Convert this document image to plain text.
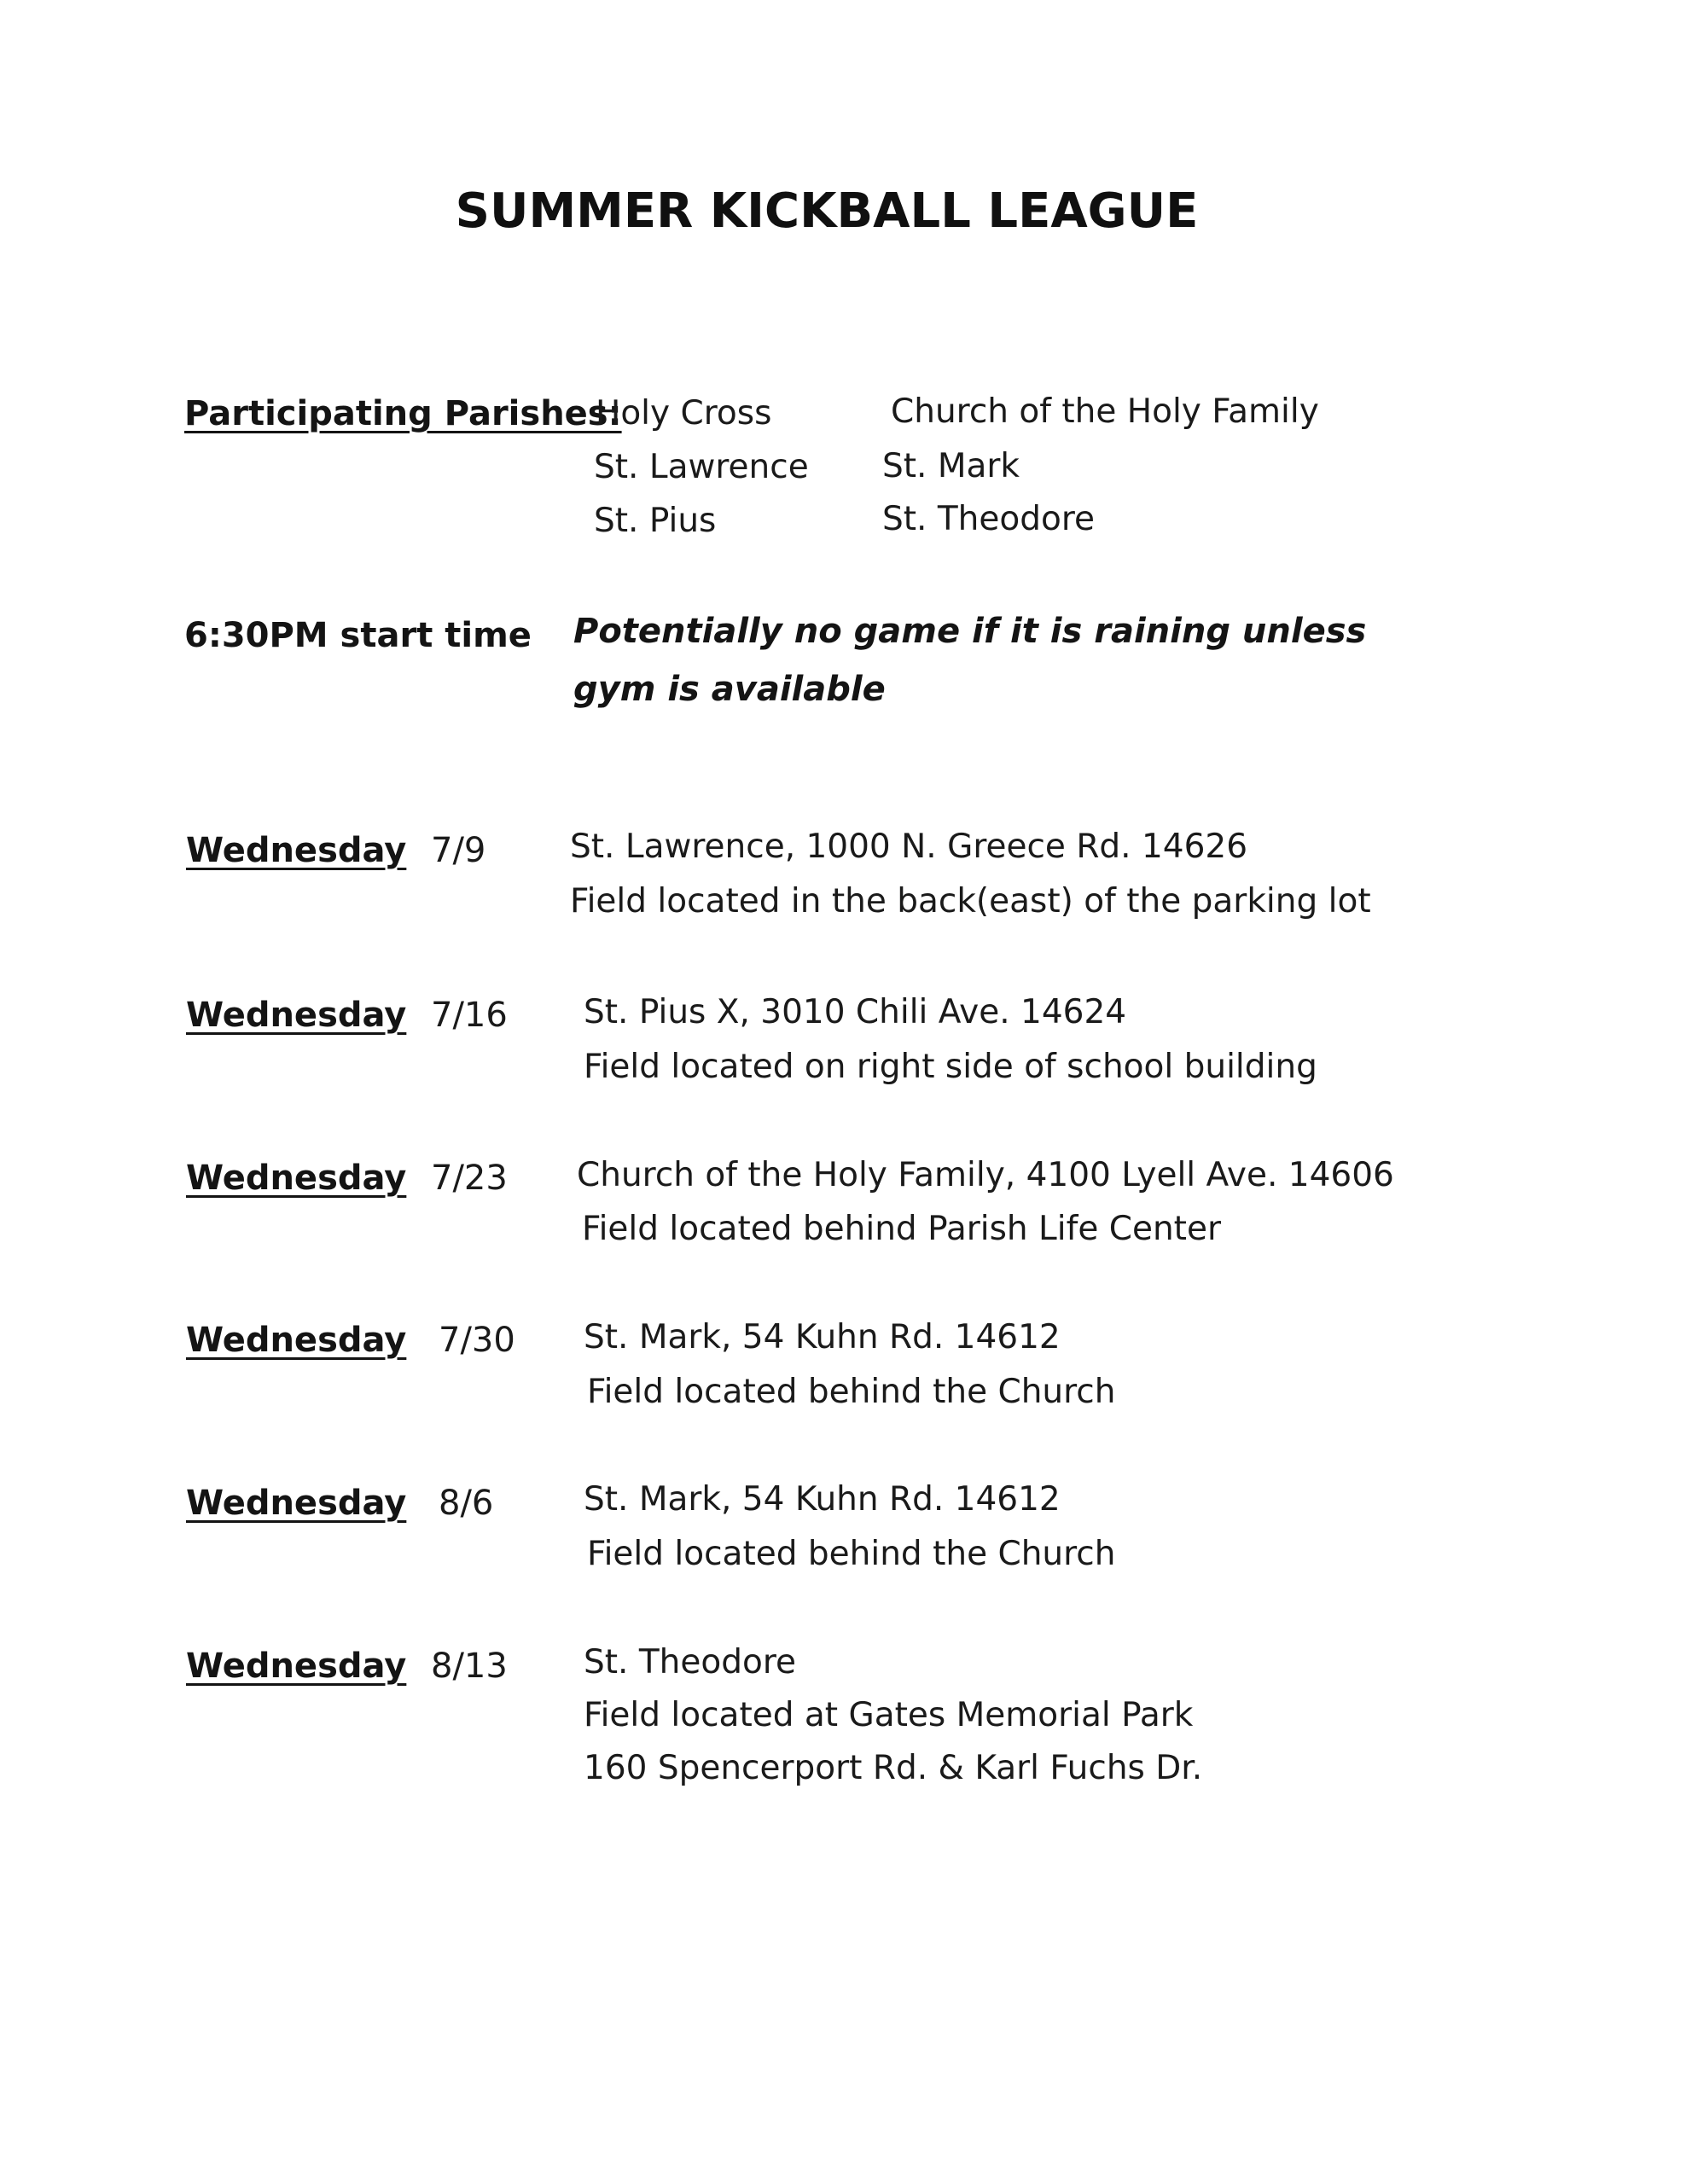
SUMMER KICKBALL LEAGUE
Participating Parishes:
Holy Cross
St. Lawrence
St. Pius
Church of the Holy Family
St. Mark
St. Theodore
6:30PM start time Potentially no game if it is raining unless gym is available
Wednesday 7/9	St. Lawrence, 1000 N. Greece Rd. 14626
Field located in the back(east) of the parking lot
Wednesday 7/16 St. Pius X, 3010 Chili Ave. 14624
Field located on right side of school building
Wednesday 7/23 Church of the Holy Family, 4100 Lyell Ave. 14606
Field located behind Parish Life Center
Wednesday 7/30 St. Mark, 54 Kuhn Rd. 14612
Field located behind the Church
Wednesday 8/6	St. Mark, 54 Kuhn Rd. 14612
Field located behind the Church
Wednesday 8/13 St. Theodore
Field located at Gates Memorial Park
160 Spencerport Rd. & Karl Fuchs Dr.
